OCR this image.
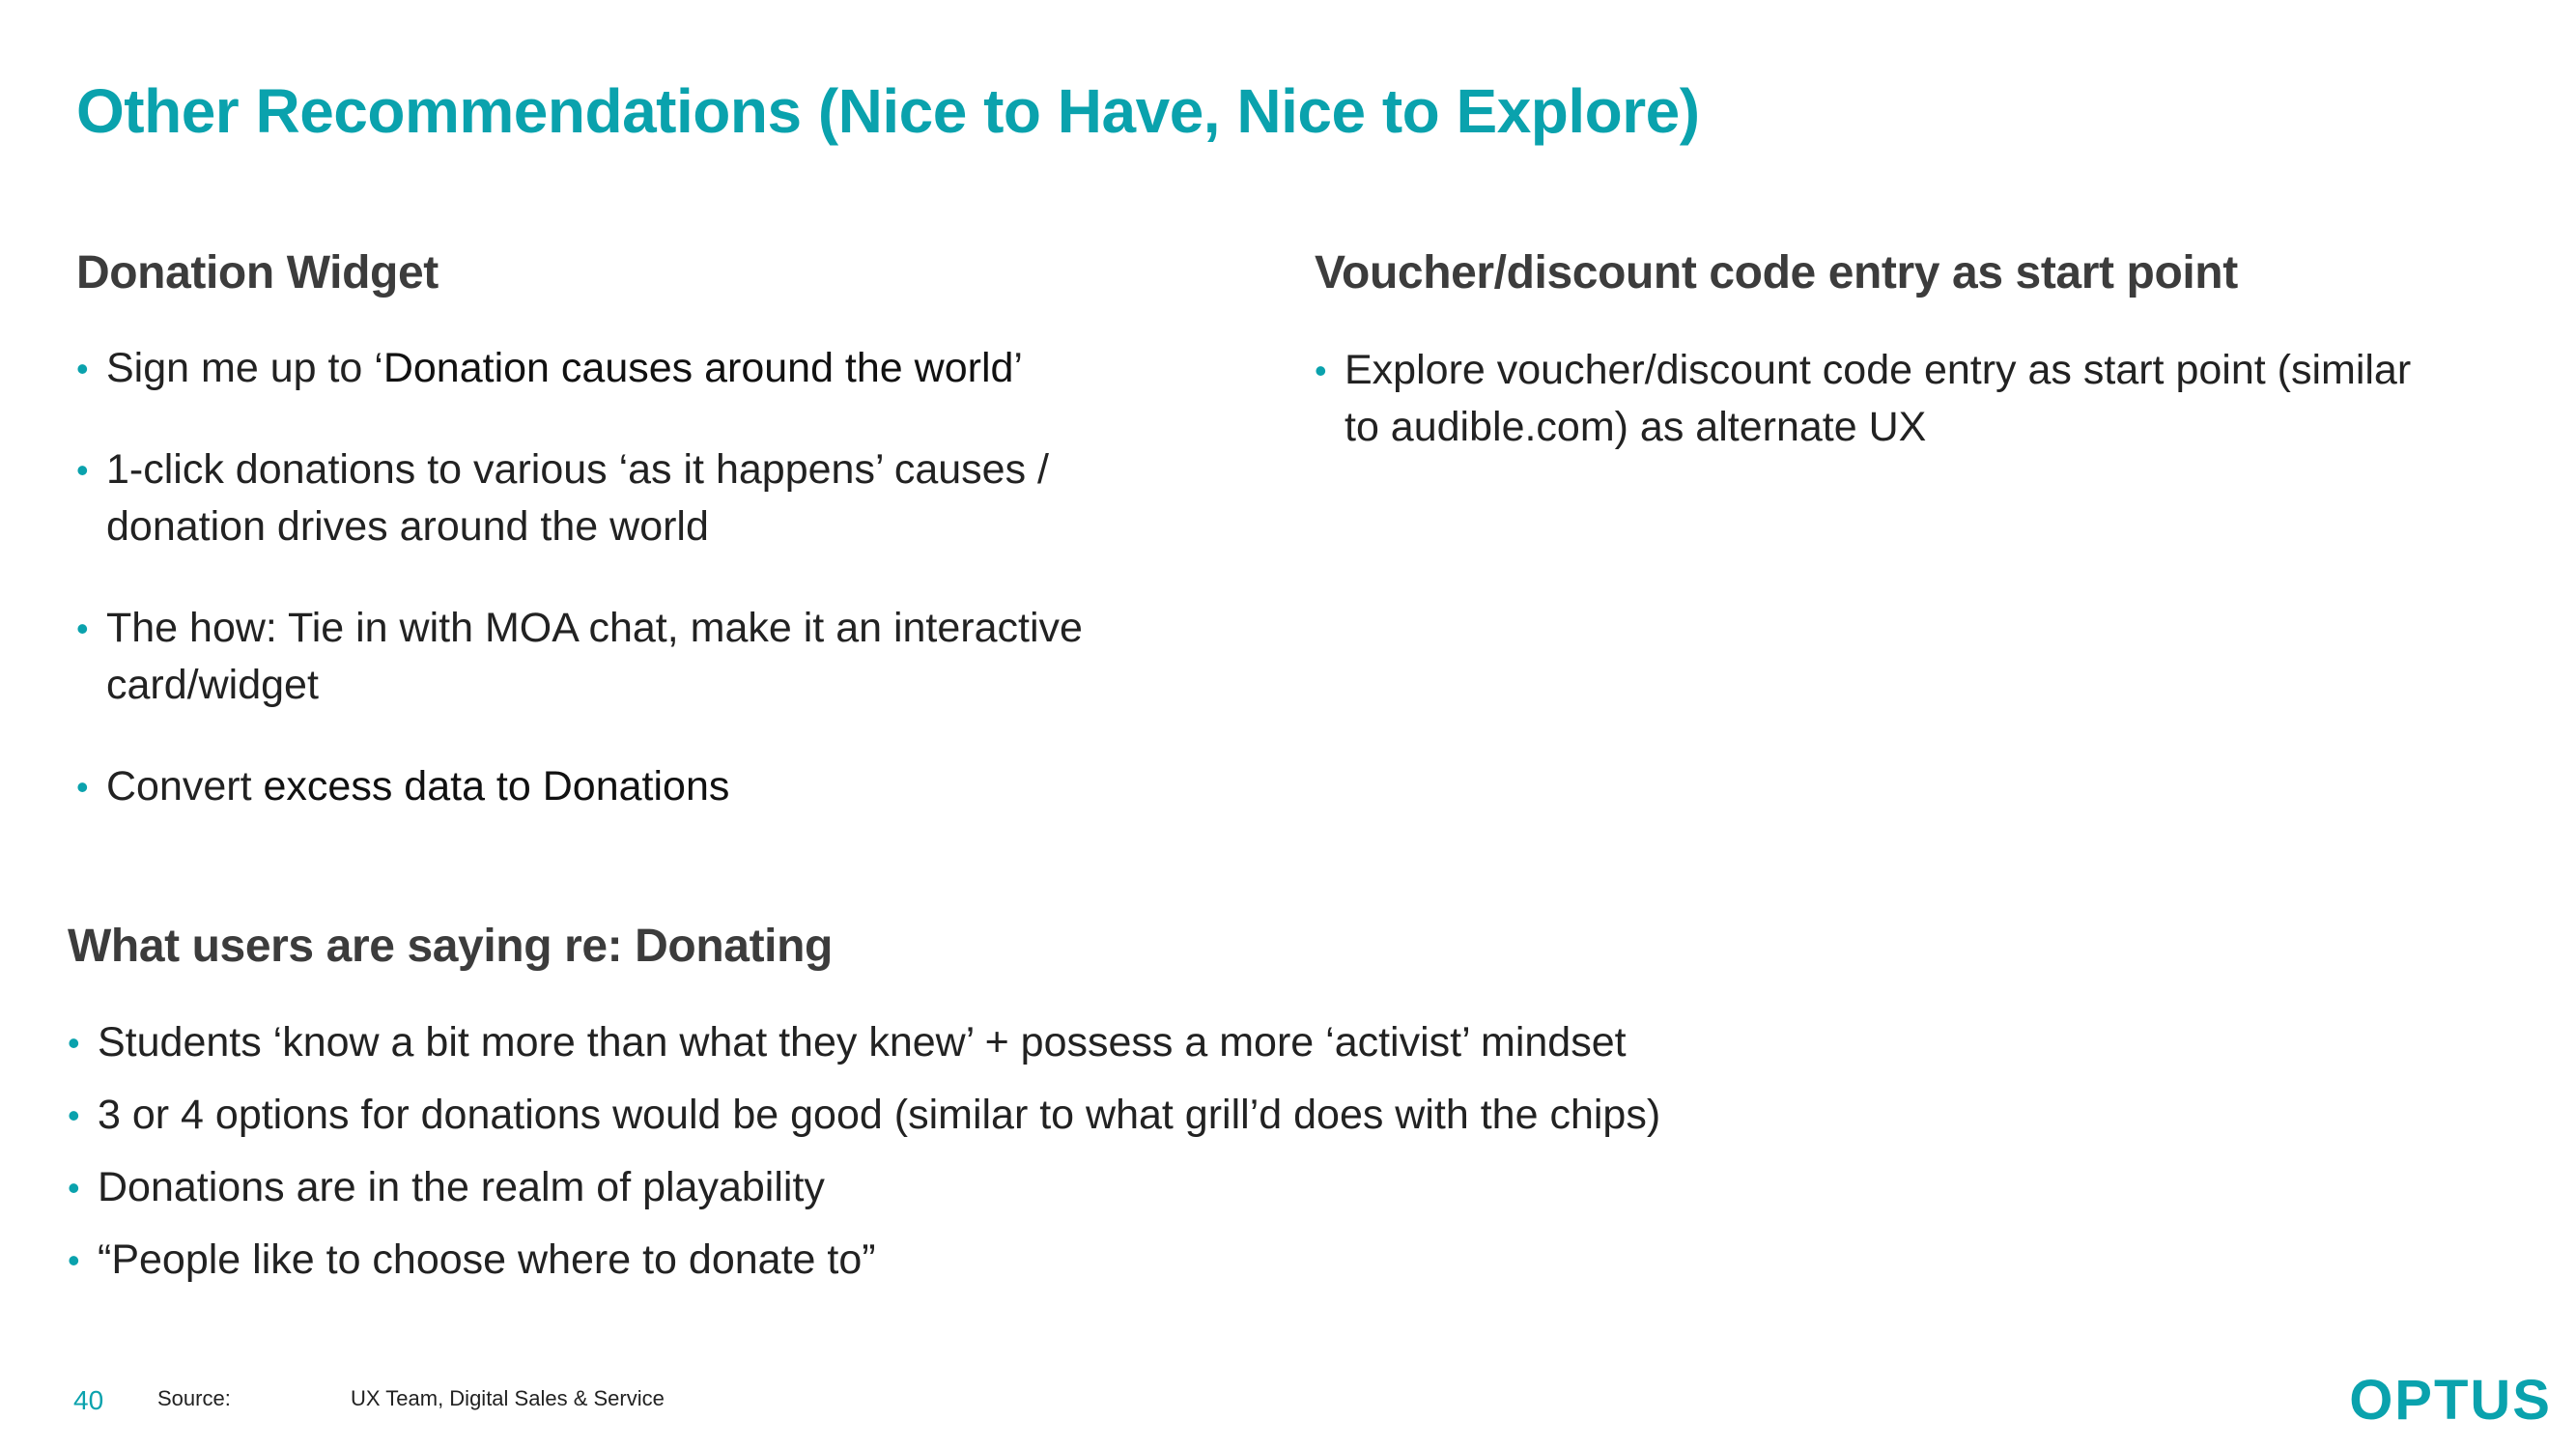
Other Recommendations (Nice to Have, Nice to Explore)
Donation Widget
• Sign me up to ‘Donation causes around the world’
• 1-click donations to various ‘as it happens’ causes / donation drives around the world
• The how: Tie in with MOA chat, make it an interactive card/widget
• Convert excess data to Donations
Voucher/discount code entry as start point
• Explore voucher/discount code entry as start point (similar to audible.com) as alternate UX
What users are saying re: Donating
• Students ‘know a bit more than what they knew’ + possess a more ‘activist’ mindset
• 3 or 4 options for donations would be good (similar to what grill’d does with the chips)
• Donations are in the realm of playability
• “People like to choose where to donate to”
40	Source:	UX Team, Digital Sales & Service	OPTUS
